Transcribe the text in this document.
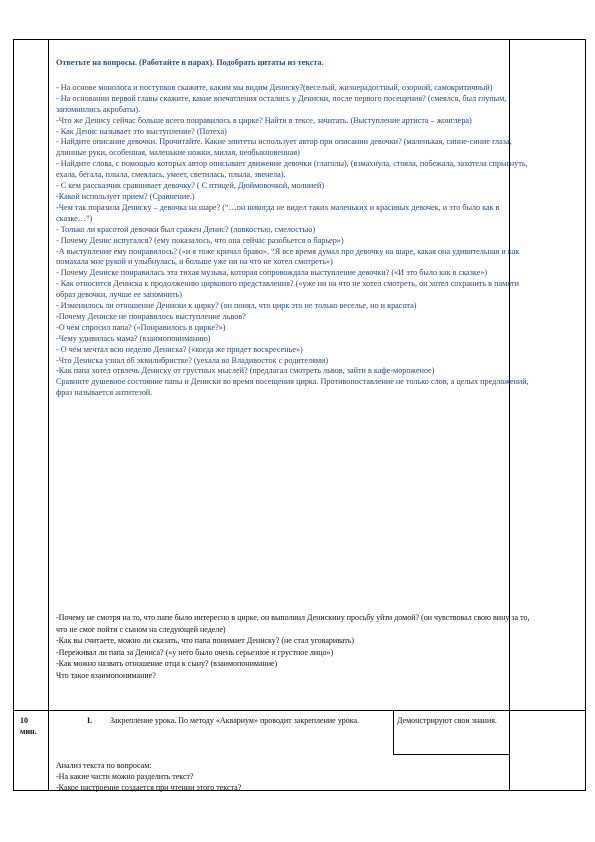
Ответьте на вопросы. (Работайте в парах). Подобрать цитаты из текста.

- На основе монолога и поступков скажите, каким мы видим Дениску?(веселый, жизнерадостный, озорной, самокритичный)

- На основании первой главы скажите, какие впечатления остались у Дениски, после первого посещения? (смеялся, был глупым, запомнились акробаты).

-Что же Денису сейчас больше всего понравилось в цирке? Найти в тексе, зачитать. (Выступление артиста – жонглера)

- Как Денис называет это выступление? (Потеха)

- Найдите описание девочки. Прочитайте. Какие эпитеты использует автор при описании девочки? (маленькая, синне-синие глаза, длинные руки, особенная, маленькие ножки, милая, необыкновенная)

- Найдите слова, с помощью которых автор описывает движение девочки (глаголы), (взмахнула, стояла, побежала, захотела спрыгнуть, ехала, бегала, плыла, смеялась, умеет, светилась, плыла, звенела).

- С кем рассказчик сравнивает девочку? ( С птицей, Дюймовочкой, молнией)

-Какой использует прием? (Сравнение.)

-Чем так поразила Дениску – девочка на шаре? (“…он никогда не видел таких маленьких и красивых девочек, и это было как в сказке…”)

- Только ли красотой девочки был сражен Денис? (ловкостью, смелостью)

- Почему Денис испугался? (ему показалось, что она сейчас разобьется о барьер»)

-А выступление ему понравилось? («и я тоже кричал браво», “Я все время думал про девочку на шаре, какая она удивительная и как помахала мне рукой и улыбнулась, и больше уже ни на что не хотел смотреть»)

- Почему Дениске понравилась эта тихая музыка, которая сопровождала выступление девочки? («И это было как в сказке»)

- Как относится Дениска к продолжению циркового представления? («уже ни на что не хотел смотреть, он хотел сохранить в памяти образ девочки, лучше ее запомнить)

- Изменилось ли отношение Дениски к цирку? (он понял, что цирк это не только веселье, но и красота)

-Почему Дениске не понравилось выступление львов?

-О чём спросил папа? («Понравилось в цирке?»)

-Чему удивилась мама? (взаимопониманию)

- О чём мечтал всю неделю Дениска? («когда же придет воскресенье»)

-Что Дениска узнал об эквилибристке? (уехала во Владивосток с родителями)

-Как папа хотел отвлечь Дениску от грустных мыслей? (предлагал смотреть львов, зайти в кафе-мороженое)

Сравните душевное состояние папы и Дениски во время посещения цирка. Противопоставление не только слов, а целых предложений, фраз называется антитезой.

-Почему не смотря на то, что папе было интересно в цирке, он выполнил Денискину просьбу уйти домой? (он чувствовал свою вину за то, что не смог пойти с сыном на следующей неделе)

-Как вы считаете, можно ли сказать, что папа понимает Дениску? (не стал уговаривать)

-Переживал ли папа за Дениса? («у него было очень серьезное и грустное лицо»)

-Как можно назвать отношение отца к сыну? (взаимопонимание)

Что такое взаимопонимание?

10
мин.
I. Закрепление урока. По методу «Аквариум» проводит закрепление урока.	Демонстрируют свои знания.
Анализ текста по вопросам:
-На какие части можно разделить текст?
-Какое настроение создается при чтении этого текста?
